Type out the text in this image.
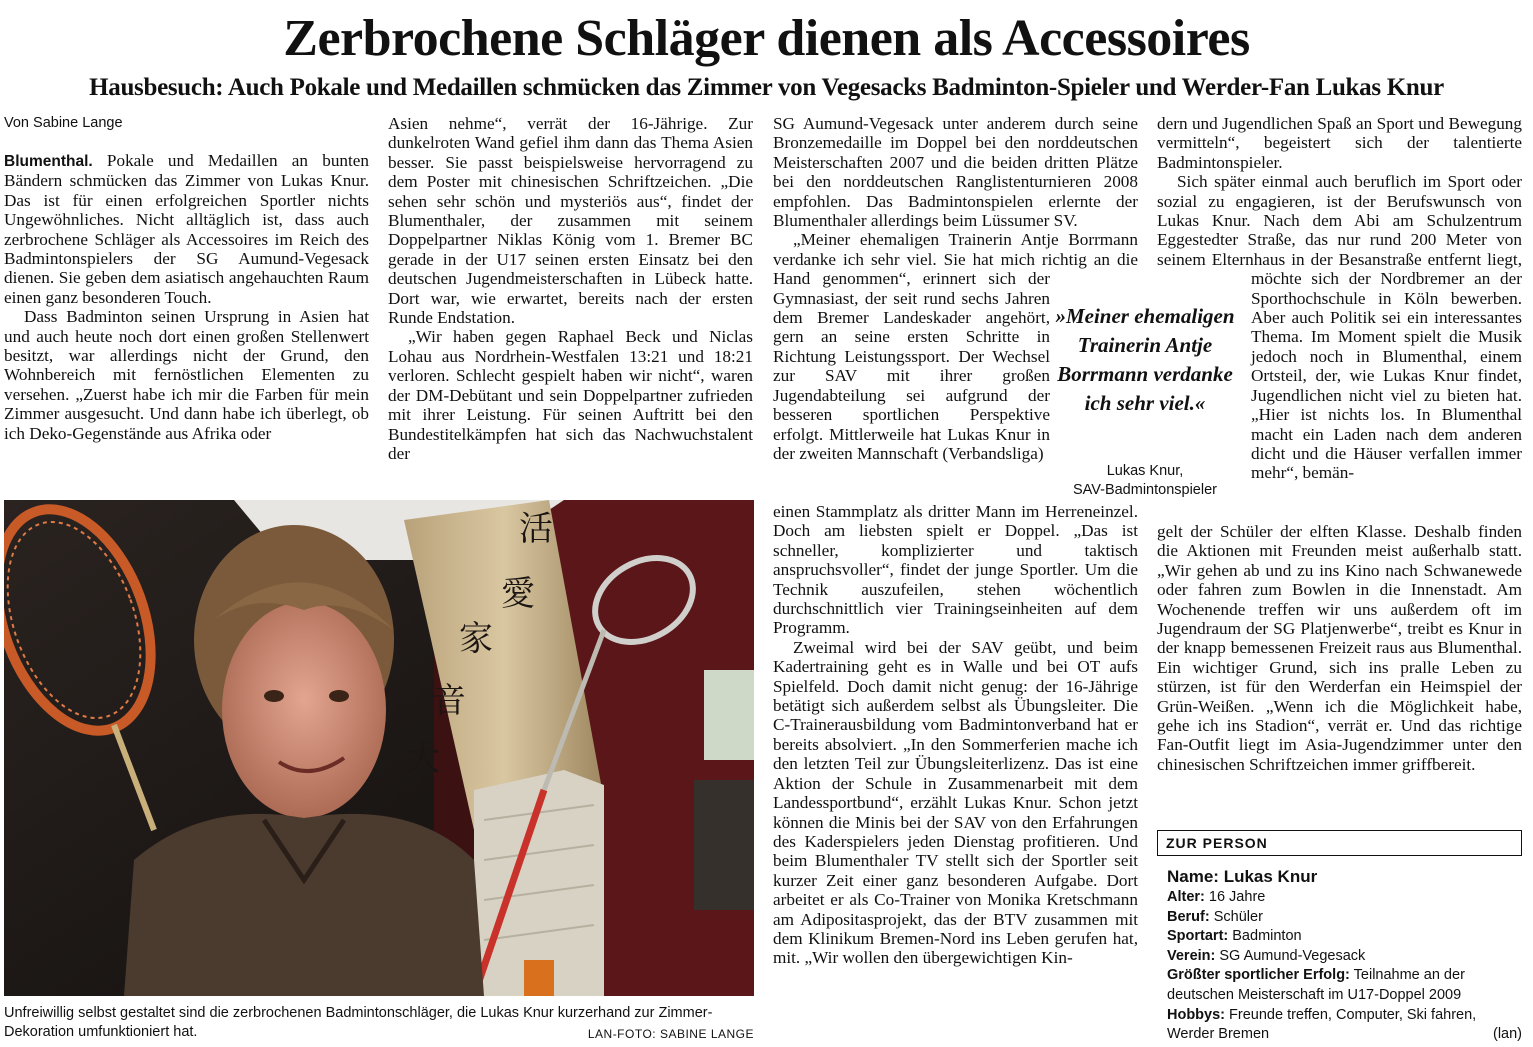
Zerbrochene Schläger dienen als Accessoires
Hausbesuch: Auch Pokale und Medaillen schmücken das Zimmer von Vegesacks Badminton-Spieler und Werder-Fan Lukas Knur

Von Sabine Lange

Blumenthal. Pokale und Medaillen an bunten Bändern schmücken das Zimmer von Lukas Knur. Das ist für einen erfolgreichen Sportler nichts Ungewöhnliches. Nicht alltäglich ist, dass auch zerbrochene Schläger als Accessoires im Reich des Badmintonspielers der SG Aumund-Vegesack dienen. Sie geben dem asiatisch angehauchten Raum einen ganz besonderen Touch.

Dass Badminton seinen Ursprung in Asien hat und auch heute noch dort einen großen Stellenwert besitzt, war allerdings nicht der Grund, den Wohnbereich mit fernöstlichen Elementen zu versehen. „Zuerst habe ich mir die Farben für mein Zimmer ausgesucht. Und dann habe ich überlegt, ob ich Deko-Gegenstände aus Afrika oder

Asien nehme“, verrät der 16-Jährige. Zur dunkelroten Wand gefiel ihm dann das Thema Asien besser. Sie passt beispielsweise hervorragend zu dem Poster mit chinesischen Schriftzeichen. „Die sehen sehr schön und mysteriös aus“, findet der Blumenthaler, der zusammen mit seinem Doppelpartner Niklas König vom 1. Bremer BC gerade in der U17 seinen ersten Einsatz bei den deutschen Jugendmeisterschaften in Lübeck hatte. Dort war, wie erwartet, bereits nach der ersten Runde Endstation.

„Wir haben gegen Raphael Beck und Niclas Lohau aus Nordrhein-Westfalen 13:21 und 18:21 verloren. Schlecht gespielt haben wir nicht“, waren der DM-Debütant und sein Doppelpartner zufrieden mit ihrer Leistung. Für seinen Auftritt bei den Bundestitelkämpfen hat sich das Nachwuchstalent der

SG Aumund-Vegesack unter anderem durch seine Bronzemedaille im Doppel bei den norddeutschen Meisterschaften 2007 und die beiden dritten Plätze bei den norddeutschen Ranglistenturnieren 2008 empfohlen. Das Badmintonspielen erlernte der Blumenthaler allerdings beim Lüssumer SV.

„Meiner ehemaligen Trainerin Antje Borrmann verdanke ich sehr viel. Sie hat mich richtig an die Hand genommen“, erinnert sich der Gymnasiast, der seit rund sechs Jahren dem Bremer Landeskader angehört, gern an seine ersten Schritte in Richtung Leistungssport. Der Wechsel zur SAV mit ihrer großen Jugendabteilung sei aufgrund der besseren sportlichen Perspektive erfolgt. Mittlerweile hat Lukas Knur in der zweiten Mannschaft (Verbandsliga)

einen Stammplatz als dritter Mann im Herreneinzel. Doch am liebsten spielt er Doppel. „Das ist schneller, komplizierter und taktisch anspruchsvoller“, findet der junge Sportler. Um die Technik auszufeilen, stehen wöchentlich durchschnittlich vier Trainingseinheiten auf dem Programm.

Zweimal wird bei der SAV geübt, und beim Kadertraining geht es in Walle und bei OT aufs Spielfeld. Doch damit nicht genug: der 16-Jährige betätigt sich außerdem selbst als Übungsleiter. Die C-Trainerausbildung vom Badmintonverband hat er bereits absolviert. „In den Sommerferien mache ich den letzten Teil zur Übungsleiterlizenz. Das ist eine Aktion der Schule in Zusammenarbeit mit dem Landessportbund“, erzählt Lukas Knur. Schon jetzt können die Minis bei der SAV von den Erfahrungen des Kaderspielers jeden Dienstag profitieren. Und beim Blumenthaler TV stellt sich der Sportler seit kurzer Zeit einer ganz besonderen Aufgabe. Dort arbeitet er als Co-Trainer von Monika Kretschmann am Adipositasprojekt, das der BTV zusammen mit dem Klinikum Bremen-Nord ins Leben gerufen hat, mit. „Wir wollen den übergewichtigen Kin-

»Meiner ehemaligen Trainerin Antje Borrmann verdanke ich sehr viel.«

Lukas Knur,
SAV-Badmintonspieler

dern und Jugendlichen Spaß an Sport und Bewegung vermitteln“, begeistert sich der talentierte Badmintonspieler.

Sich später einmal auch beruflich im Sport oder sozial zu engagieren, ist der Berufswunsch von Lukas Knur. Nach dem Abi am Schulzentrum Eggestedter Straße, das nur rund 200 Meter von seinem Elternhaus in der Besanstraße entfernt liegt, möchte sich der Nordbremer an der Sporthochschule in Köln bewerben. Aber auch Politik sei ein interessantes Thema. Im Moment spielt die Musik jedoch noch in Blumenthal, einem Ortsteil, der, wie Lukas Knur findet, Jugendlichen nicht viel zu bieten hat. „Hier ist nichts los. In Blumenthal macht ein Laden nach dem anderen dicht und die Häuser verfallen immer mehr“, bemän-

gelt der Schüler der elften Klasse. Deshalb finden die Aktionen mit Freunden meist außerhalb statt. „Wir gehen ab und zu ins Kino nach Schwanewede oder fahren zum Bowlen in die Innenstadt. Am Wochenende treffen wir uns außerdem oft im Jugendraum der SG Platjenwerbe“, treibt es Knur in der knapp bemessenen Freizeit raus aus Blumenthal. Ein wichtiger Grund, sich ins pralle Leben zu stürzen, ist für den Werderfan ein Heimspiel der Grün-Weißen. „Wenn ich die Möglichkeit habe, gehe ich ins Stadion“, verrät er. Und das richtige Fan-Outfit liegt im Asia-Jugendzimmer unter den chinesischen Schriftzeichen immer griffbereit.

活
愛
家
音
大
Unfreiwillig selbst gestaltet sind die zerbrochenen Badmintonschläger, die Lukas Knur kurzerhand zur Zimmer-Dekoration umfunktioniert hat.	LAN-FOTO: SABINE LANGE
ZUR PERSON
Name: Lukas Knur
Alter: 16 Jahre
Beruf: Schüler
Sportart: Badminton
Verein: SG Aumund-Vegesack
Größter sportlicher Erfolg: Teilnahme an der deutschen Meisterschaft im U17-Doppel 2009
Hobbys: Freunde treffen, Computer, Ski fahren, Werder Bremen	(lan)
